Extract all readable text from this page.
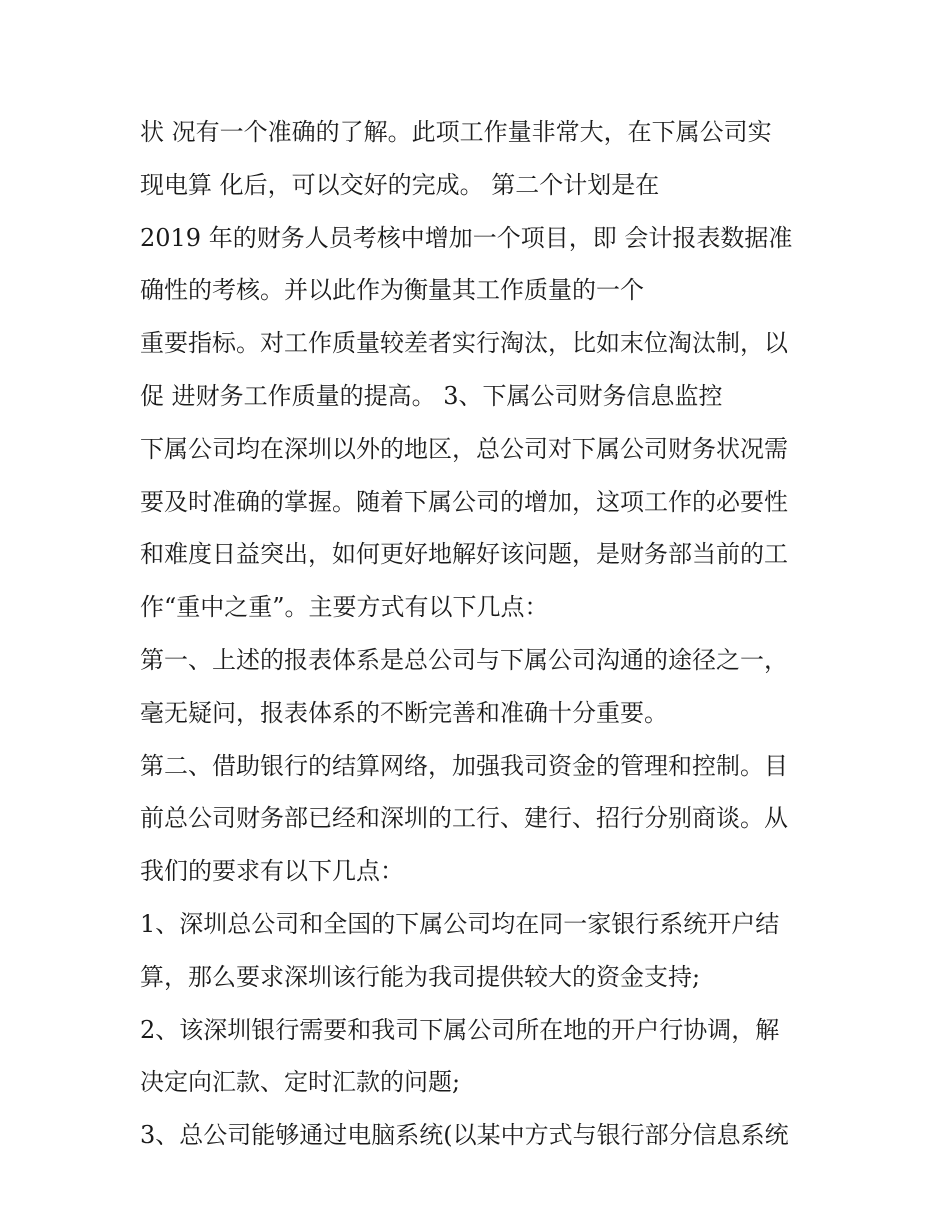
状 况有一个准确的了解。此项工作量非常大，在下属公司实
现电算 化后，可以交好的完成。 第二个计划是在
2019 年的财务人员考核中增加一个项目，即 会计报表数据准
确性的考核。并以此作为衡量其工作质量的一个
重要指标。对工作质量较差者实行淘汰，比如末位淘汰制，以
促 进财务工作质量的提高。 3、下属公司财务信息监控
下属公司均在深圳以外的地区，总公司对下属公司财务状况需
要及时准确的掌握。随着下属公司的增加，这项工作的必要性
和难度日益突出，如何更好地解好该问题，是财务部当前的工
作“重中之重”。主要方式有以下几点：
第一、上述的报表体系是总公司与下属公司沟通的途径之一，
毫无疑问，报表体系的不断完善和准确十分重要。
第二、借助银行的结算网络，加强我司资金的管理和控制。目
前总公司财务部已经和深圳的工行、建行、招行分别商谈。从
我们的要求有以下几点：
1、深圳总公司和全国的下属公司均在同一家银行系统开户结
算，那么要求深圳该行能为我司提供较大的资金支持;
2、该深圳银行需要和我司下属公司所在地的开户行协调，解
决定向汇款、定时汇款的问题;
3、总公司能够通过电脑系统(以某中方式与银行部分信息系统
